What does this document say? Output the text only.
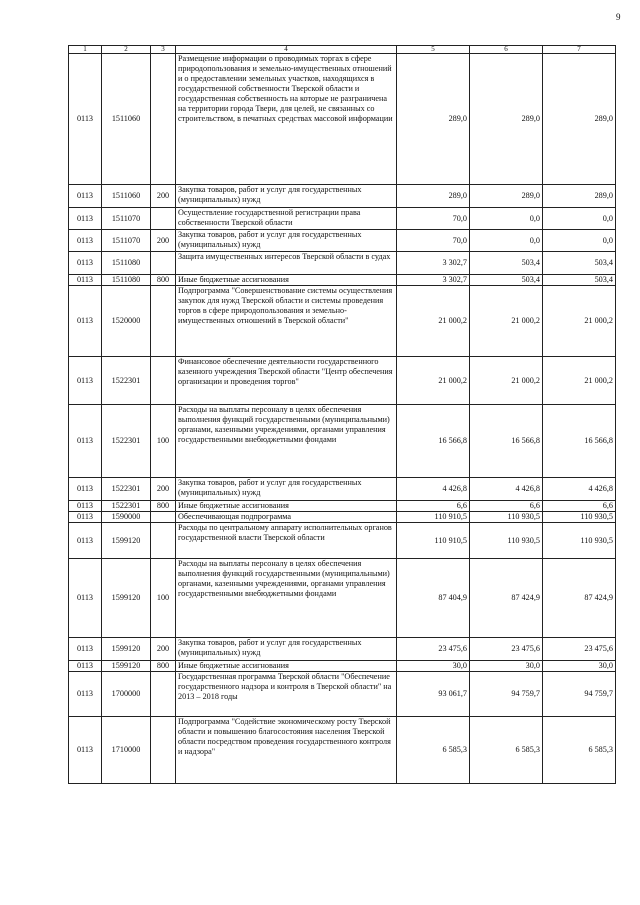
9
1	2	3	4	5	6	7
0113	1511060		Размещение информации о проводимых торгах в сфере природопользования и земельно-имущественных отношений и о предоставлении земельных участков, находящихся в государственной собственности Тверской области и государственная собственность на которые не разграничена на территории города Твери, для целей, не связанных со строительством, в печатных средствах массовой информации	289,0	289,0	289,0
0113	1511060	200	Закупка товаров, работ и услуг для государственных (муниципальных) нужд	289,0	289,0	289,0
0113	1511070		Осуществление государственной регистрации права собственности Тверской области	70,0	0,0	0,0
0113	1511070	200	Закупка товаров, работ и услуг для государственных (муниципальных) нужд	70,0	0,0	0,0
0113	1511080		Защита имущественных интересов Тверской области в судах	3 302,7	503,4	503,4
0113	1511080	800	Иные бюджетные ассигнования	3 302,7	503,4	503,4
0113	1520000		Подпрограмма "Совершенствование системы осуществления закупок для нужд Тверской области и системы проведения торгов в сфере природопользования и земельно-имущественных отношений в Тверской области"	21 000,2	21 000,2	21 000,2
0113	1522301		Финансовое обеспечение деятельности государственного казенного учреждения Тверской области "Центр обеспечения организации и проведения торгов"	21 000,2	21 000,2	21 000,2
0113	1522301	100	Расходы на выплаты персоналу в целях обеспечения выполнения функций государственными (муниципальными) органами, казенными учреждениями, органами управления государственными внебюджетными фондами	16 566,8	16 566,8	16 566,8
0113	1522301	200	Закупка товаров, работ и услуг для государственных (муниципальных) нужд	4 426,8	4 426,8	4 426,8
0113	1522301	800	Иные бюджетные ассигнования	6,6	6,6	6,6
0113	1590000		Обеспечивающая подпрограмма	110 910,5	110 930,5	110 930,5
0113	1599120		Расходы по центральному аппарату исполнительных органов государственной власти Тверской области	110 910,5	110 930,5	110 930,5
0113	1599120	100	Расходы на выплаты персоналу в целях обеспечения выполнения функций государственными (муниципальными) органами, казенными учреждениями, органами управления государственными внебюджетными фондами	87 404,9	87 424,9	87 424,9
0113	1599120	200	Закупка товаров, работ и услуг для государственных (муниципальных) нужд	23 475,6	23 475,6	23 475,6
0113	1599120	800	Иные бюджетные ассигнования	30,0	30,0	30,0
0113	1700000		Государственная программа Тверской области "Обеспечение государственного надзора и контроля в Тверской области" на 2013 – 2018 годы	93 061,7	94 759,7	94 759,7
0113	1710000		Подпрограмма "Содействие экономическому росту Тверской области и повышению благосостояния населения Тверской области посредством проведения государственного контроля и надзора"	6 585,3	6 585,3	6 585,3
